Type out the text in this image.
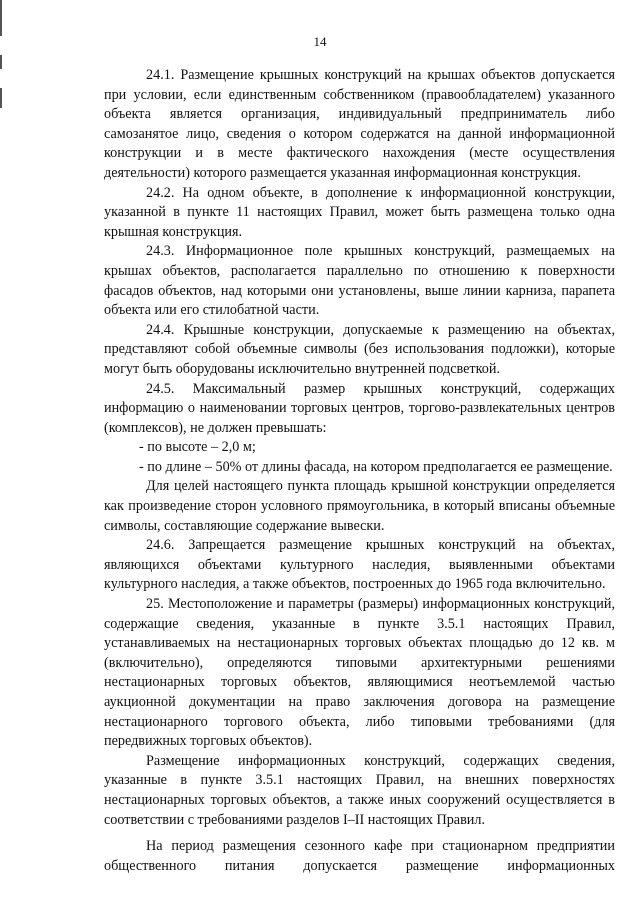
14

24.1. Размещение крышных конструкций на крышах объектов допускается при условии, если единственным собственником (правообладателем) указанного объекта является организация, индивидуальный предприниматель либо самозанятое лицо, сведения о котором содержатся на данной информационной конструкции и в месте фактического нахождения (месте осуществления деятельности) которого размещается указанная информационная конструкция.

24.2. На одном объекте, в дополнение к информационной конструкции, указанной в пункте 11 настоящих Правил, может быть размещена только одна крышная конструкция.

24.3. Информационное поле крышных конструкций, размещаемых на крышах объектов, располагается параллельно по отношению к поверхности фасадов объектов, над которыми они установлены, выше линии карниза, парапета объекта или его стилобатной части.

24.4. Крышные конструкции, допускаемые к размещению на объектах, представляют собой объемные символы (без использования подложки), которые могут быть оборудованы исключительно внутренней подсветкой.

24.5. Максимальный размер крышных конструкций, содержащих информацию о наименовании торговых центров, торгово-развлекательных центров (комплексов), не должен превышать:

- по высоте – 2,0 м;

- по длине – 50% от длины фасада, на котором предполагается ее размещение.

Для целей настоящего пункта площадь крышной конструкции определяется как произведение сторон условного прямоугольника, в который вписаны объемные символы, составляющие содержание вывески.

24.6. Запрещается размещение крышных конструкций на объектах, являющихся объектами культурного наследия, выявленными объектами культурного наследия, а также объектов, построенных до 1965 года включительно.

25. Местоположение и параметры (размеры) информационных конструкций, содержащие сведения, указанные в пункте 3.5.1 настоящих Правил, устанавливаемых на нестационарных торговых объектах площадью до 12 кв. м (включительно), определяются типовыми архитектурными решениями нестационарных торговых объектов, являющимися неотъемлемой частью аукционной документации на право заключения договора на размещение нестационарного торгового объекта, либо типовыми требованиями (для передвижных торговых объектов).

Размещение информационных конструкций, содержащих сведения, указанные в пункте 3.5.1 настоящих Правил, на внешних поверхностях нестационарных торговых объектов, а также иных сооружений осуществляется в соответствии с требованиями разделов I–II настоящих Правил.

На период размещения сезонного кафе при стационарном предприятии общественного питания допускается размещение информационных
